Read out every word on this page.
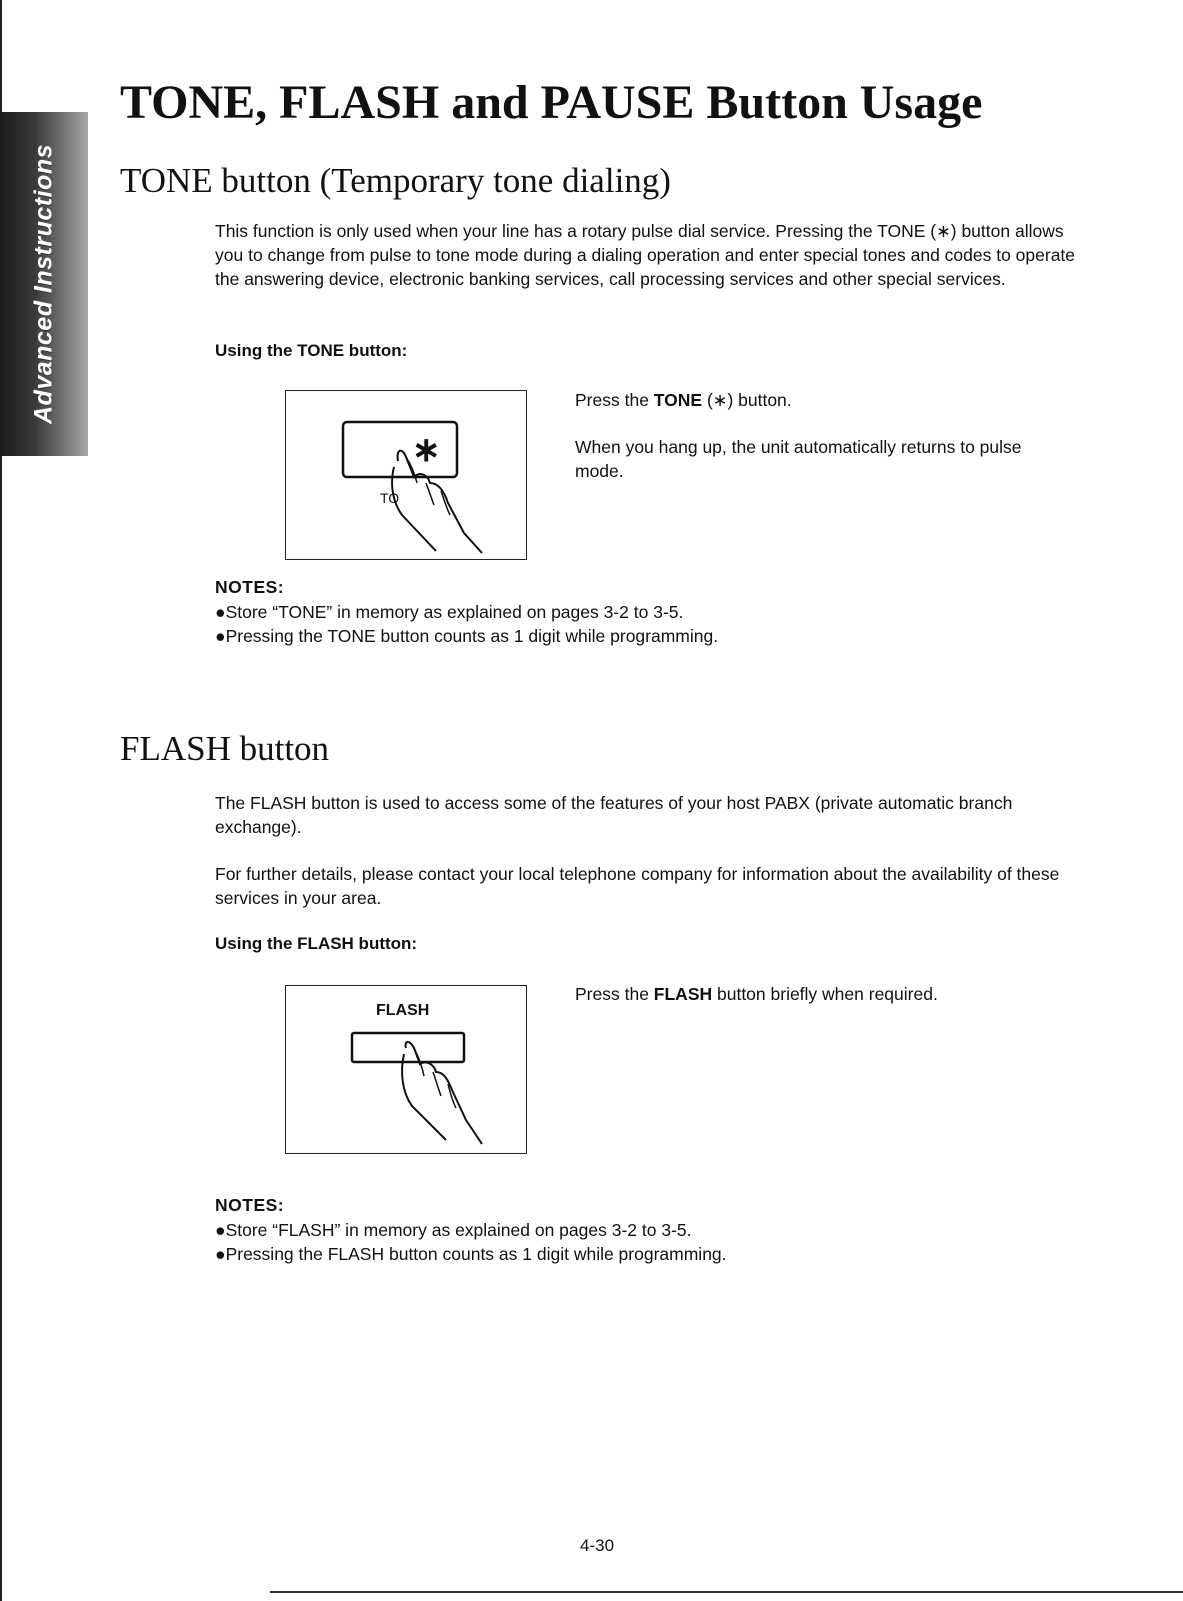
Advanced Instructions
TONE, FLASH and PAUSE Button Usage
TONE button (Temporary tone dialing)

This function is only used when your line has a rotary pulse dial service. Pressing the TONE (∗) button allows you to change from pulse to tone mode during a dialing operation and enter special tones and codes to operate the answering device, electronic banking services, call processing services and other special services.

Using the TONE button:

∗
TO

Press the TONE (∗) button.

When you hang up, the unit automatically returns to pulse mode.

NOTES:

●Store “TONE” in memory as explained on pages 3-2 to 3-5.

●Pressing the TONE button counts as 1 digit while programming.

FLASH button

The FLASH button is used to access some of the features of your host PABX (private automatic branch exchange).

For further details, please contact your local telephone company for information about the availability of these services in your area.

Using the FLASH button:

FLASH

Press the FLASH button briefly when required.

NOTES:

●Store “FLASH” in memory as explained on pages 3-2 to 3-5.

●Pressing the FLASH button counts as 1 digit while programming.

4-30
